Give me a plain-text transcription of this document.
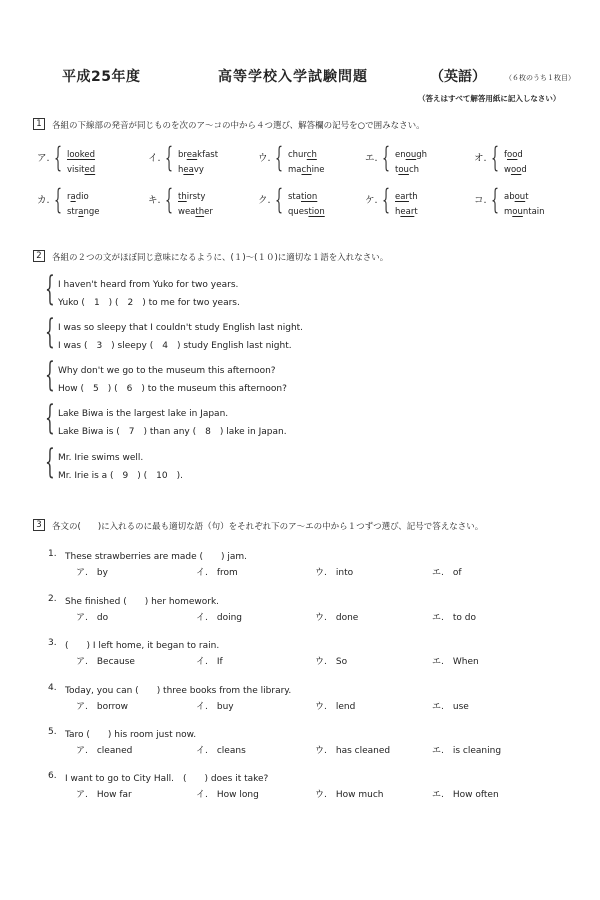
平成25年度	高等学校入学試験問題	（英語）	（６枚のうち１枚目）
（答えはすべて解答用紙に記入しなさい）
1	各組の下線部の発音が同じものを次のア～コの中から４つ選び、解答欄の記号を○で囲みなさい。
ア. { looked
visited
イ. { breakfast
heavy
ウ. { church
machine
エ. { enough
touch
オ. { food
wood
カ. { radio
strange
キ. { thirsty
weather
ク. { station
question
ケ. { earth
heart
コ. { about
mountain
2	各組の２つの文がほぼ同じ意味になるように、(１)～(１０)に適切な１語を入れなさい。
{ I haven't heard from Yuko for two years.
Yuko (　1　) (　2　) to me for two years.
{ I was so sleepy that I couldn't study English last night.
I was (　3　) sleepy (　4　) study English last night.
{ Why don't we go to the museum this afternoon?
How (　5　) (　6　) to the museum this afternoon?
{ Lake Biwa is the largest lake in Japan.
Lake Biwa is (　7　) than any (　8　) lake in Japan.
{ Mr. Irie swims well.
Mr. Irie is a (　9　) (　10　).
3	各文の(　　)に入れるのに最も適切な語（句）をそれぞれ下のア～エの中から１つずつ選び、記号で答えなさい。
1. These strawberries are made (　　) jam.
ア.　by	イ.　from	ウ.　into	エ.　of
2. She finished (　　) her homework.
ア.　do	イ.　doing	ウ.　done	エ.　to do
3. (　　) I left home, it began to rain.
ア.　Because	イ.　If	ウ.　So	エ.　When
4. Today, you can (　　) three books from the library.
ア.　borrow	イ.　buy	ウ.　lend	エ.　use
5. Taro (　　) his room just now.
ア.　cleaned	イ.　cleans	ウ.　has cleaned	エ.　is cleaning
6. I want to go to City Hall.　(　　) does it take?
ア.　How far	イ.　How long	ウ.　How much	エ.　How often
